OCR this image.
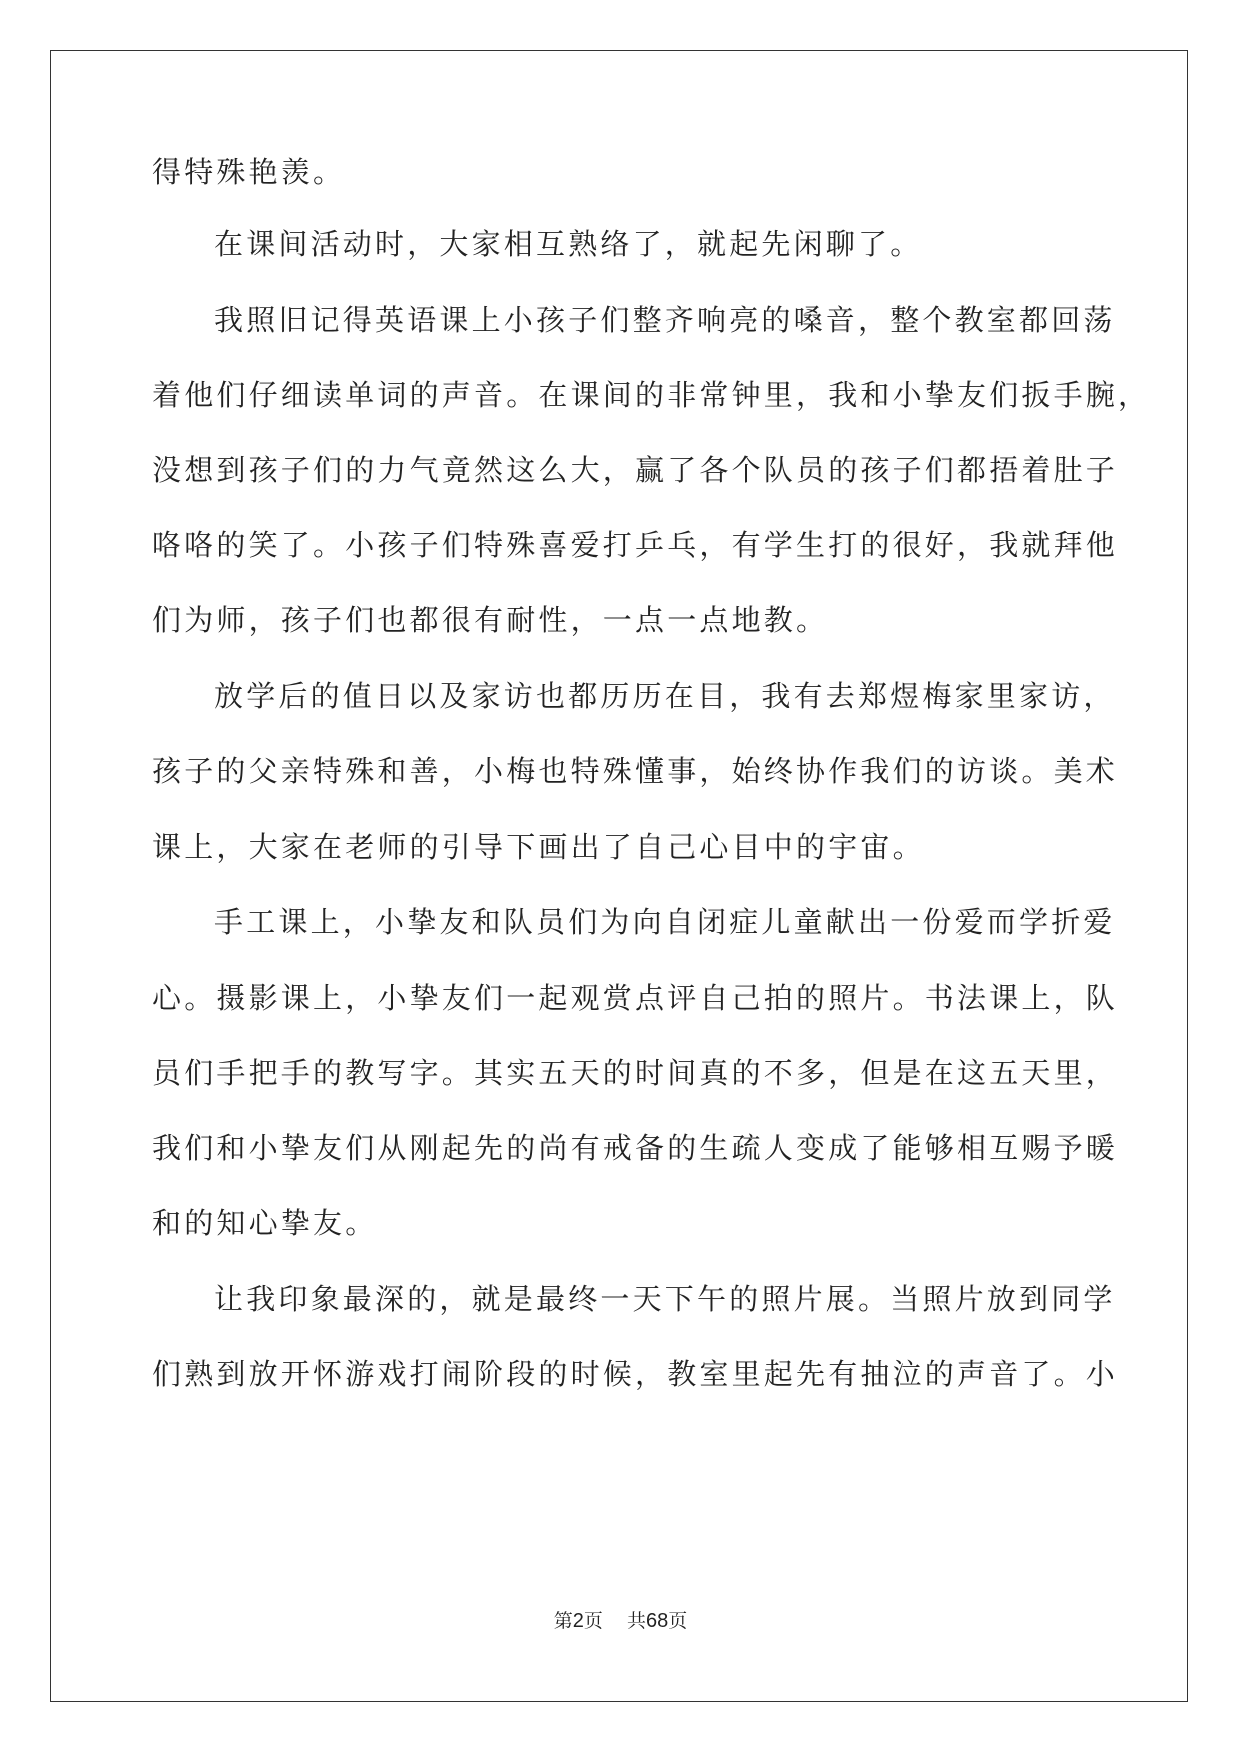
得特殊艳羡。
在课间活动时，大家相互熟络了，就起先闲聊了。
我照旧记得英语课上小孩子们整齐响亮的嗓音，整个教室都回荡
着他们仔细读单词的声音。在课间的非常钟里，我和小挚友们扳手腕，
没想到孩子们的力气竟然这么大，赢了各个队员的孩子们都捂着肚子
咯咯的笑了。小孩子们特殊喜爱打乒乓，有学生打的很好，我就拜他
们为师，孩子们也都很有耐性，一点一点地教。
放学后的值日以及家访也都历历在目，我有去郑煜梅家里家访，
孩子的父亲特殊和善，小梅也特殊懂事，始终协作我们的访谈。美术
课上，大家在老师的引导下画出了自己心目中的宇宙。
手工课上，小挚友和队员们为向自闭症儿童献出一份爱而学折爱
心。摄影课上，小挚友们一起观赏点评自己拍的照片。书法课上，队
员们手把手的教写字。其实五天的时间真的不多，但是在这五天里，
我们和小挚友们从刚起先的尚有戒备的生疏人变成了能够相互赐予暖
和的知心挚友。
让我印象最深的，就是最终一天下午的照片展。当照片放到同学
们熟到放开怀游戏打闹阶段的时候，教室里起先有抽泣的声音了。小
第2页 共68页
